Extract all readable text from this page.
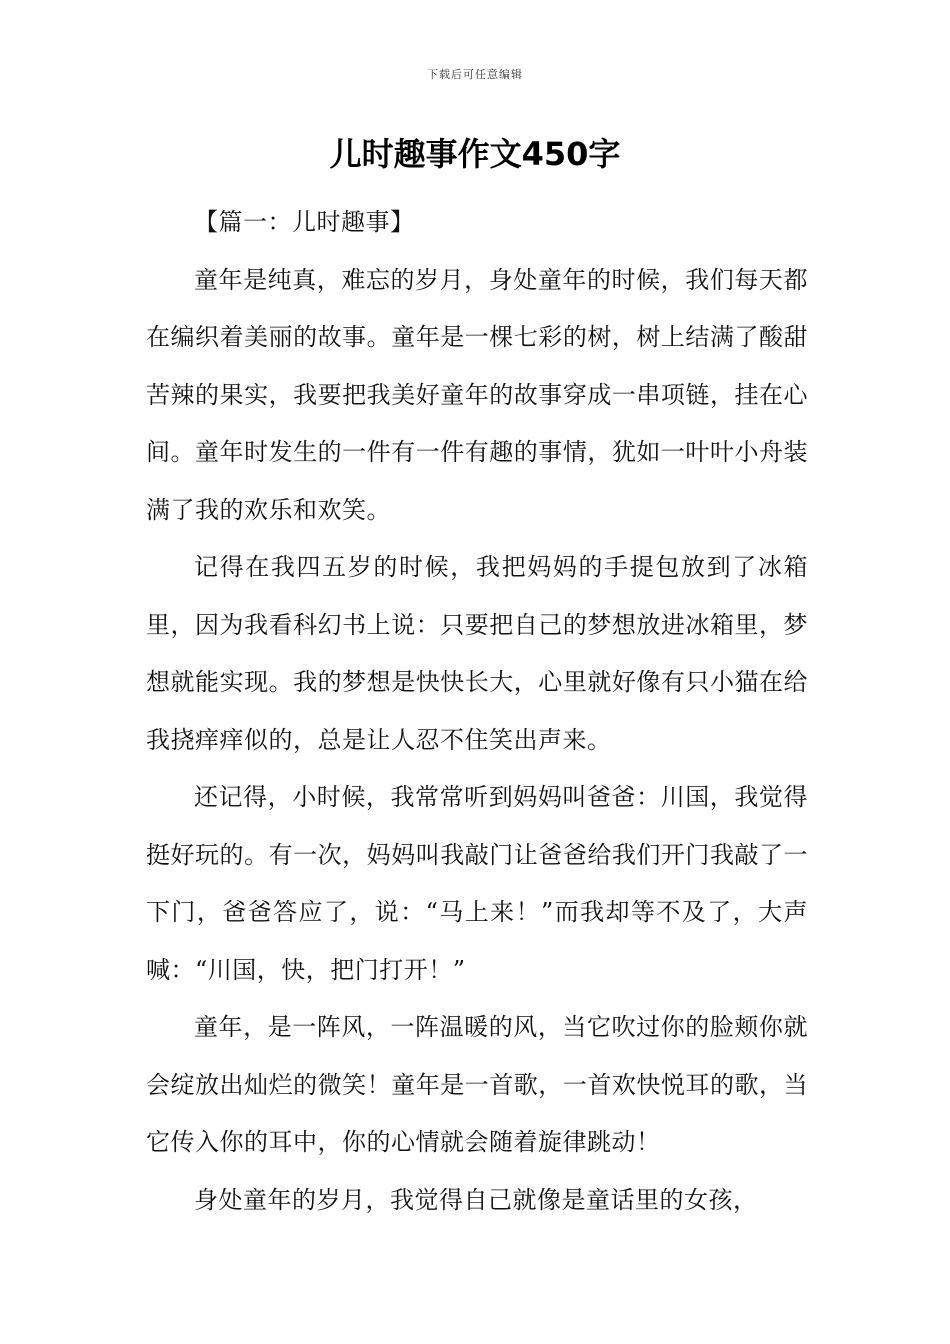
下载后可任意编辑
儿时趣事作文450字

【篇一：儿时趣事】

童年是纯真，难忘的岁月，身处童年的时候，我们每天都在编织着美丽的故事。童年是一棵七彩的树，树上结满了酸甜苦辣的果实，我要把我美好童年的故事穿成一串项链，挂在心间。童年时发生的一件有一件有趣的事情，犹如一叶叶小舟装满了我的欢乐和欢笑。

记得在我四五岁的时候，我把妈妈的手提包放到了冰箱里，因为我看科幻书上说：只要把自己的梦想放进冰箱里，梦想就能实现。我的梦想是快快长大，心里就好像有只小猫在给我挠痒痒似的，总是让人忍不住笑出声来。

还记得，小时候，我常常听到妈妈叫爸爸：川国，我觉得挺好玩的。有一次，妈妈叫我敲门让爸爸给我们开门我敲了一下门，爸爸答应了，说：“马上来！”而我却等不及了，大声喊：“川国，快，把门打开！”

童年，是一阵风，一阵温暖的风，当它吹过你的脸颊你就会绽放出灿烂的微笑！童年是一首歌，一首欢快悦耳的歌，当它传入你的耳中，你的心情就会随着旋律跳动！

身处童年的岁月，我觉得自己就像是童话里的女孩，
